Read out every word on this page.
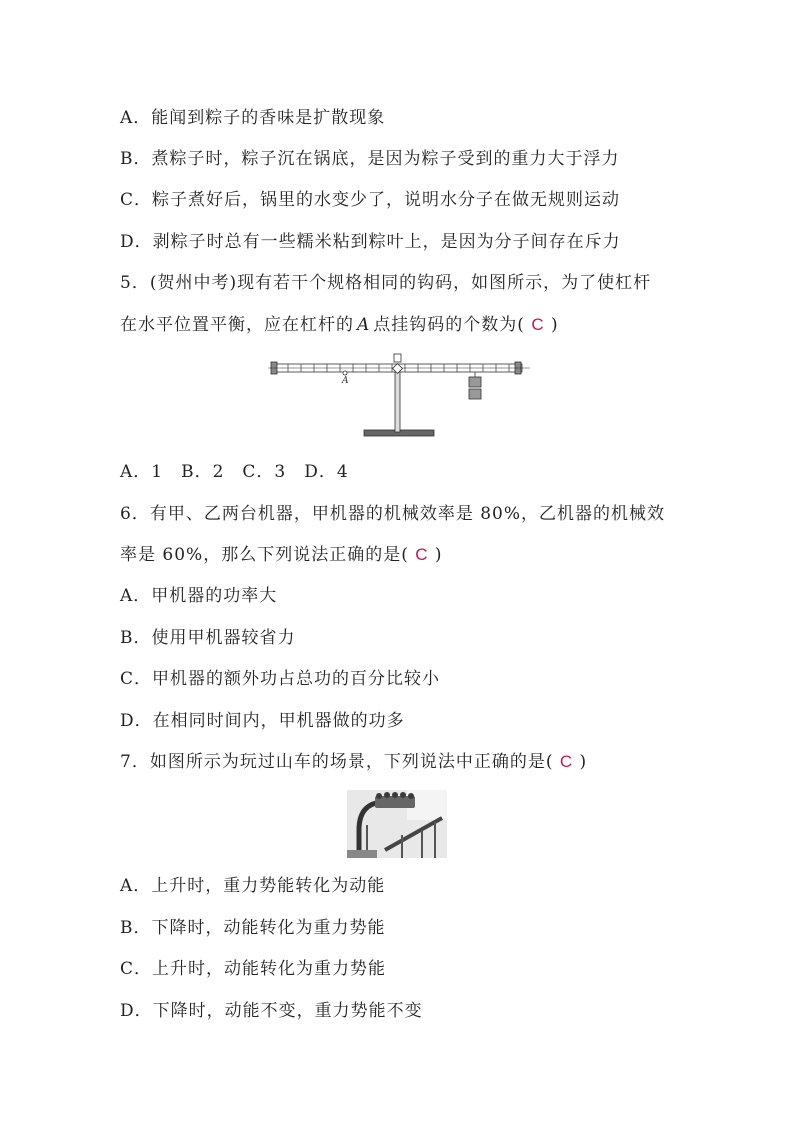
A．能闻到粽子的香味是扩散现象
B．煮粽子时，粽子沉在锅底，是因为粽子受到的重力大于浮力
C．粽子煮好后，锅里的水变少了，说明水分子在做无规则运动
D．剥粽子时总有一些糯米粘到粽叶上，是因为分子间存在斥力
5．(贺州中考)现有若干个规格相同的钩码，如图所示，为了使杠杆
在水平位置平衡，应在杠杆的 A 点挂钩码的个数为( C )
A
A．1　B．2　C．3　D．4
6．有甲、乙两台机器，甲机器的机械效率是 80%，乙机器的机械效
率是 60%，那么下列说法正确的是( C )
A．甲机器的功率大
B．使用甲机器较省力
C．甲机器的额外功占总功的百分比较小
D．在相同时间内，甲机器做的功多
7．如图所示为玩过山车的场景，下列说法中正确的是( C )
A．上升时，重力势能转化为动能
B．下降时，动能转化为重力势能
C．上升时，动能转化为重力势能
D．下降时，动能不变，重力势能不变
